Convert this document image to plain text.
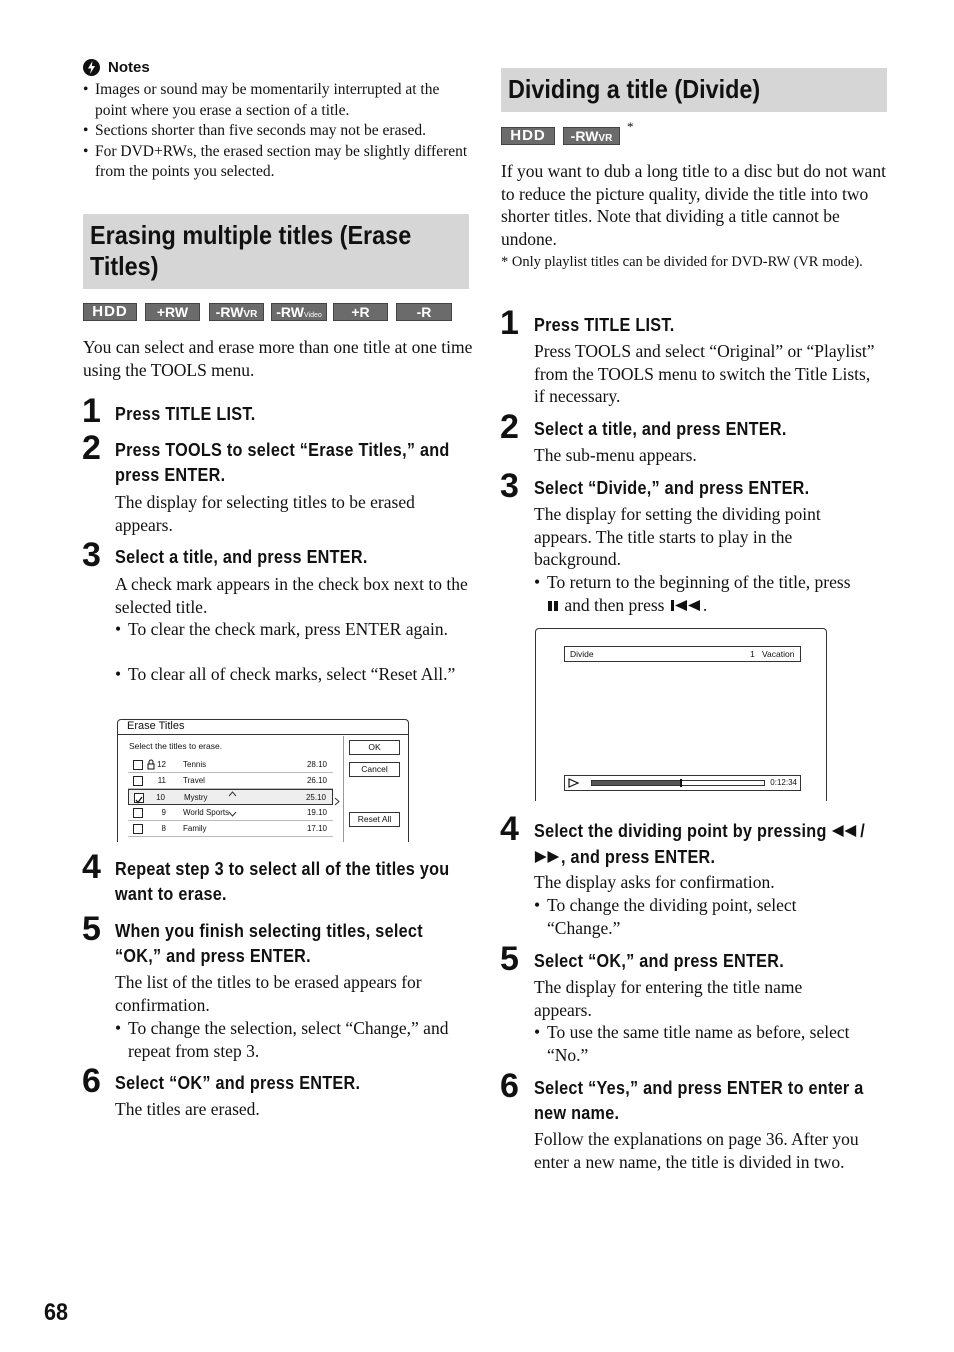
Notes
• Images or sound may be momentarily interrupted at the point where you erase a section of a title.
• Sections shorter than five seconds may not be erased.
• For DVD+RWs, the erased section may be slightly different from the points you selected.
Erasing multiple titles (Erase
Titles)
HDD	+RW	-RWVR	-RWVideo	+R	-R
You can select and erase more than one title at one time using the TOOLS menu.
1 Press TITLE LIST.
2 Press TOOLS to select “Erase Titles,” and press ENTER.
The display for selecting titles to be erased appears.
3 Select a title, and press ENTER.
A check mark appears in the check box next to the selected title.
• To clear the check mark, press ENTER again.
• To clear all of check marks, select “Reset All.”
Erase Titles
Select the titles to erase.
12 Tennis	28.10
11 Travel	26.10
10 Mystry	25.10
9 World Sports	19.10
8 Family	17.10
OK
Cancel
Reset All
4 Repeat step 3 to select all of the titles you want to erase.
5 When you finish selecting titles, select “OK,” and press ENTER.
The list of the titles to be erased appears for confirmation.
• To change the selection, select “Change,” and repeat from step 3.
6 Select “OK” and press ENTER.
The titles are erased.
68
Dividing a title (Divide)
HDD	-RWVR
*
If you want to dub a long title to a disc but do not want to reduce the picture quality, divide the title into two shorter titles. Note that dividing a title cannot be undone.
* Only playlist titles can be divided for DVD-RW (VR mode).
1 Press TITLE LIST.
Press TOOLS and select “Original” or “Playlist” from the TOOLS menu to switch the Title Lists, if necessary.
2 Select a title, and press ENTER.
The sub-menu appears.
3 Select “Divide,” and press ENTER.
The display for setting the dividing point appears. The title starts to play in the background.
• To return to the beginning of the title, press
and then press .
Divide	1 Vacation
0:12:34
4 Select the dividing point by pressing /
, and press ENTER.
The display asks for confirmation.
• To change the dividing point, select “Change.”
5 Select “OK,” and press ENTER.
The display for entering the title name appears.
• To use the same title name as before, select “No.”
6 Select “Yes,” and press ENTER to enter a new name.
Follow the explanations on page 36. After you enter a new name, the title is divided in two.
